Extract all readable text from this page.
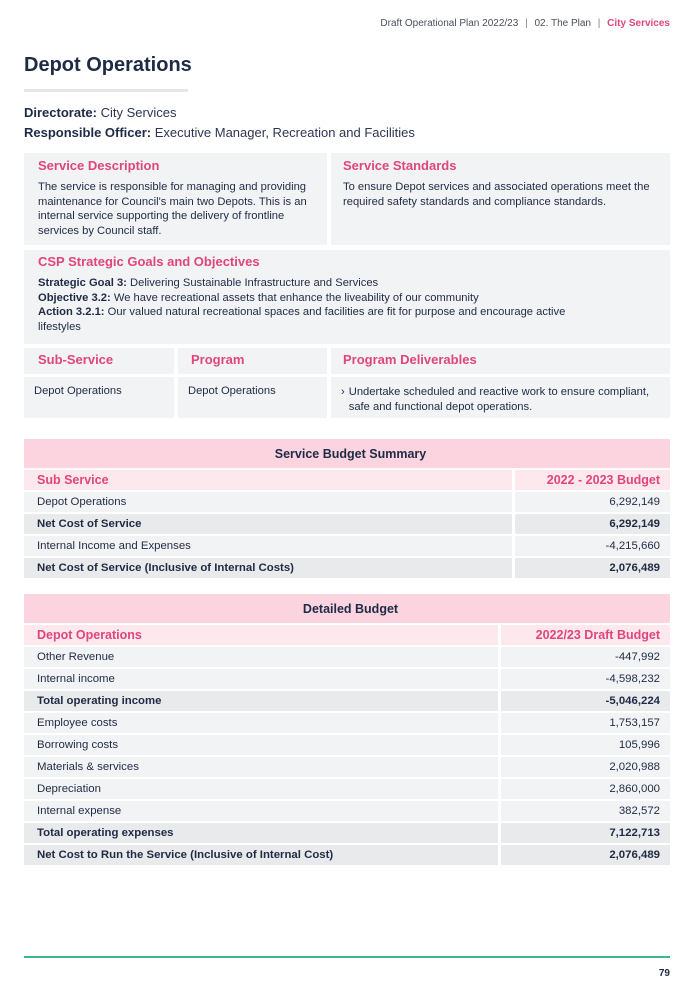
Draft Operational Plan 2022/23 | 02. The Plan | City Services
Depot Operations
Directorate: City Services
Responsible Officer: Executive Manager, Recreation and Facilities
Service Description
The service is responsible for managing and providing maintenance for Council's main two Depots. This is an internal service supporting the delivery of frontline services by Council staff.
Service Standards
To ensure Depot services and associated operations meet the required safety standards and compliance standards.
CSP Strategic Goals and Objectives
Strategic Goal 3: Delivering Sustainable Infrastructure and Services
Objective 3.2: We have recreational assets that enhance the liveability of our community
Action 3.2.1: Our valued natural recreational spaces and facilities are fit for purpose and encourage active lifestyles
Sub-Service	Program	Program Deliverables
Depot Operations	Depot Operations	› Undertake scheduled and reactive work to ensure compliant, safe and functional depot operations.
Service Budget Summary	
Sub Service	2022 - 2023 Budget
Depot Operations	6,292,149
Net Cost of Service	6,292,149
Internal Income and Expenses	-4,215,660
Net Cost of Service (Inclusive of Internal Costs)	2,076,489
Detailed Budget	
Depot Operations	2022/23 Draft Budget
Other Revenue	-447,992
Internal income	-4,598,232
Total operating income	-5,046,224
Employee costs	1,753,157
Borrowing costs	105,996
Materials & services	2,020,988
Depreciation	2,860,000
Internal expense	382,572
Total operating expenses	7,122,713
Net Cost to Run the Service (Inclusive of Internal Cost)	2,076,489
79
